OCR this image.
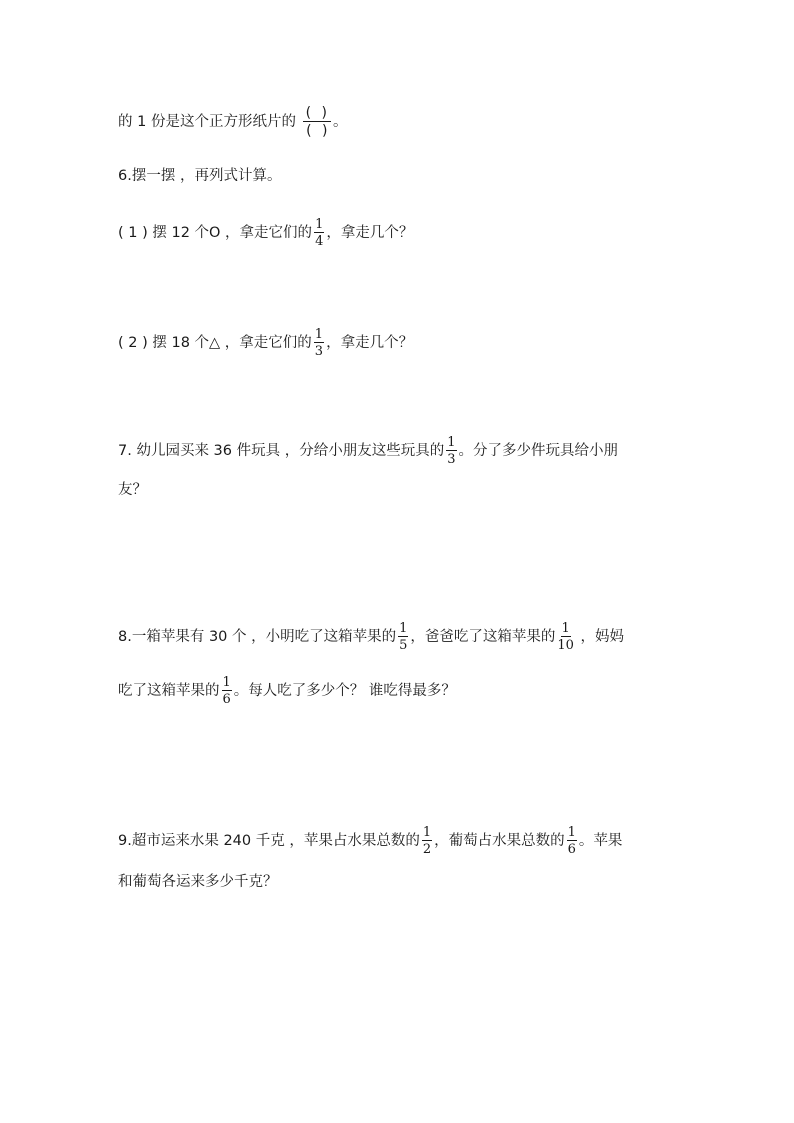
的 1 份是这个正方形纸片的 $\frac{( )}{( )}$ 。
6.摆一摆 ，再列式计算。
( 1 ) 摆 12 个Ο ，拿走它们的 $\frac{1}{4}$ ，拿走几个？
( 2 ) 摆 18 个△ ，拿走它们的 $\frac{1}{3}$ ，拿走几个？
7. 幼儿园买来 36 件玩具 ，分给小朋友这些玩具的 $\frac{1}{3}$ 。分了多少件玩具给小朋
友？
8.一箱苹果有 30 个 ，小明吃了这箱苹果的 $\frac{1}{5}$ ，爸爸吃了这箱苹果的 $\frac{1}{10}$ ，妈妈
吃了这箱苹果的 $\frac{1}{6}$ 。每人吃了多少个？ 谁吃得最多？
9.超市运来水果 240 千克 ，苹果占水果总数的 $\frac{1}{2}$ ，葡萄占水果总数的 $\frac{1}{6}$ 。苹果
和葡萄各运来多少千克？
